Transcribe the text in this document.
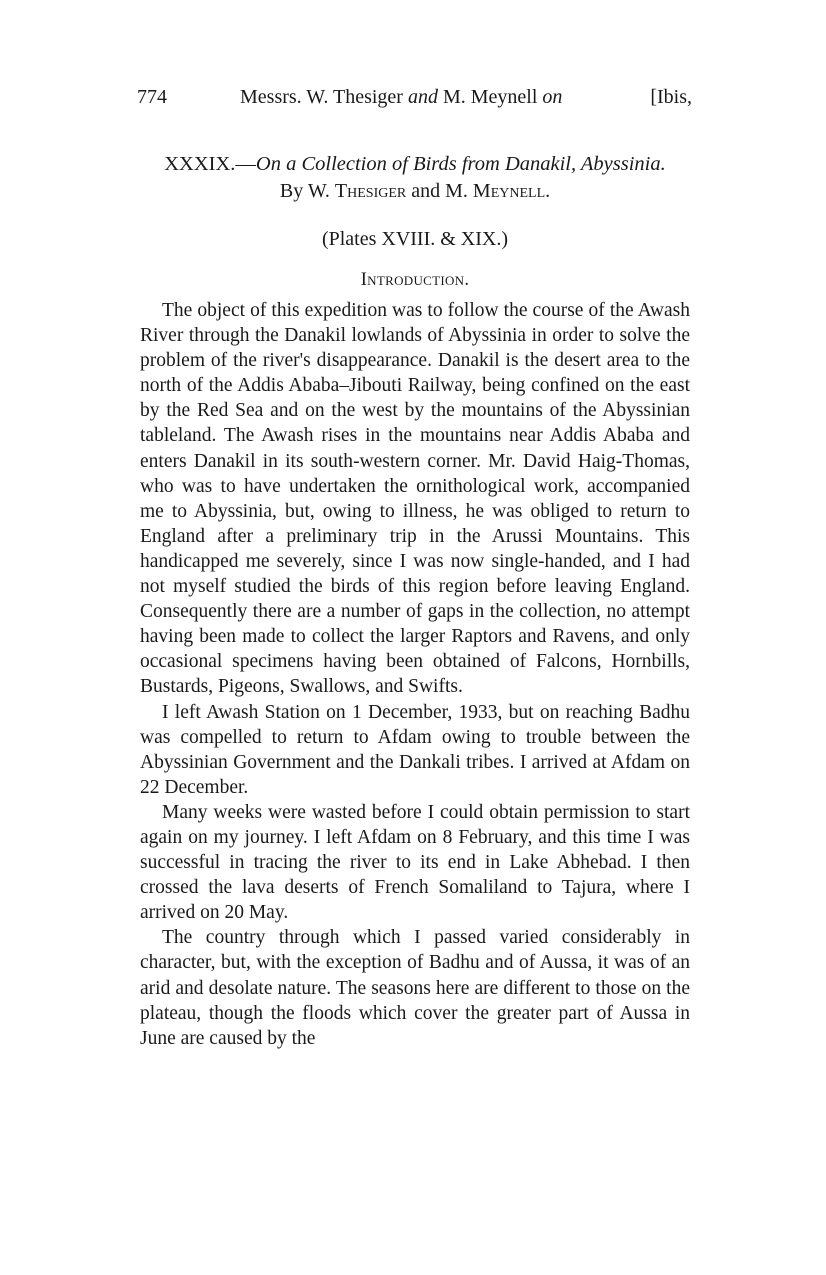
774	Messrs. W. Thesiger and M. Meynell on	[Ibis,
XXXIX.—On a Collection of Birds from Danakil, Abyssinia.
By W. Thesiger and M. Meynell.
(Plates XVIII. & XIX.)
Introduction.

The object of this expedition was to follow the course of the Awash River through the Danakil lowlands of Abyssinia in order to solve the problem of the river's disappearance. Danakil is the desert area to the north of the Addis Ababa–Jibouti Railway, being confined on the east by the Red Sea and on the west by the mountains of the Abyssinian tableland. The Awash rises in the mountains near Addis Ababa and enters Danakil in its south-western corner. Mr. David Haig-Thomas, who was to have undertaken the ornithological work, accompanied me to Abyssinia, but, owing to illness, he was obliged to return to England after a preliminary trip in the Arussi Mountains. This handicapped me severely, since I was now single-handed, and I had not myself studied the birds of this region before leaving England. Consequently there are a number of gaps in the collection, no attempt having been made to collect the larger Raptors and Ravens, and only occasional specimens having been obtained of Falcons, Hornbills, Bustards, Pigeons, Swallows, and Swifts.

I left Awash Station on 1 December, 1933, but on reaching Badhu was compelled to return to Afdam owing to trouble between the Abyssinian Government and the Dankali tribes. I arrived at Afdam on 22 December.

Many weeks were wasted before I could obtain permission to start again on my journey. I left Afdam on 8 February, and this time I was successful in tracing the river to its end in Lake Abhebad. I then crossed the lava deserts of French Somaliland to Tajura, where I arrived on 20 May.

The country through which I passed varied considerably in character, but, with the exception of Badhu and of Aussa, it was of an arid and desolate nature. The seasons here are different to those on the plateau, though the floods which cover the greater part of Aussa in June are caused by the
